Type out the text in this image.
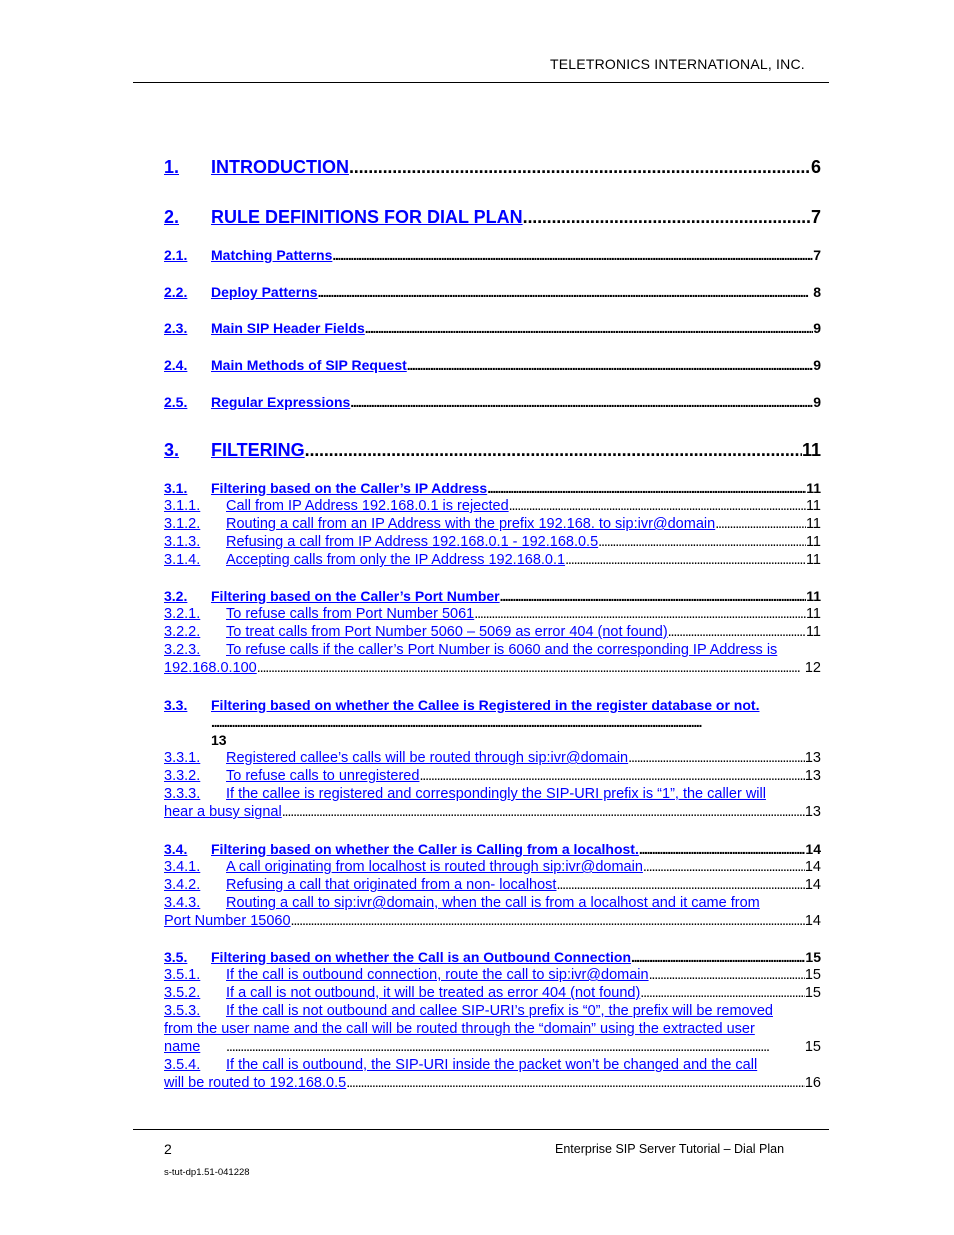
TELETRONICS INTERNATIONAL, INC.
1. INTRODUCTION . . .	6
2. RULE DEFINITIONS FOR DIAL PLAN . . .	7
2.1. Matching Patterns . . .	7
2.2. Deploy Patterns . . .	8
2.3. Main SIP Header Fields . . .	9
2.4. Main Methods of SIP Request . . .	9
2.5. Regular Expressions . . .	9
3. FILTERING . . .	11
3.1. Filtering based on the Caller’s IP Address . . .	11
3.1.1. Call from IP Address 192.168.0.1 is rejected . . .	11
3.1.2. Routing a call from an IP Address with the prefix 192.168. to sip:ivr@domain . . .	11
3.1.3. Refusing a call from IP Address 192.168.0.1 - 192.168.0.5 . . .	11
3.1.4. Accepting calls from only the IP Address 192.168.0.1 . . .	11
3.2. Filtering based on the Caller’s Port Number . . .	11
3.2.1. To refuse calls from Port Number 5061 . . .	11
3.2.2. To treat calls from Port Number 5060 – 5069 as error 404 (not found) . . .	11
3.2.3. To refuse calls if the caller’s Port Number is 6060 and the corresponding IP Address is
192.168.0.100 . . .	12
3.3. Filtering based on whether the Callee is Registered in the register database or not.
. . .
13
3.3.1. Registered callee’s calls will be routed through sip:ivr@domain . . .	13
3.3.2. To refuse calls to unregistered . . .	13
3.3.3. If the callee is registered and correspondingly the SIP-URI prefix is “1”, the caller will
hear a busy signal . . .	13
3.4. Filtering based on whether the Caller is Calling from a localhost. . . .	14
3.4.1. A call originating from localhost is routed through sip:ivr@domain . . .	14
3.4.2. Refusing a call that originated from a non- localhost . . .	14
3.4.3. Routing a call to sip:ivr@domain, when the call is from a localhost and it came from
Port Number 15060 . . .	14
3.5. Filtering based on whether the Call is an Outbound Connection . . .	15
3.5.1. If the call is outbound connection, route the call to sip:ivr@domain . . .	15
3.5.2. If a call is not outbound, it will be treated as error 404 (not found) . . .	15
3.5.3. If the call is not outbound and callee SIP-URI’s prefix is “0”, the prefix will be removed
from the user name and the call will be routed through the “domain” using the extracted user
name . . .	15
3.5.4. If the call is outbound, the SIP-URI inside the packet won’t be changed and the call
will be routed to 192.168.0.5 . . .	16
2	Enterprise SIP Server Tutorial – Dial Plan
s-tut-dp1.51-041228
